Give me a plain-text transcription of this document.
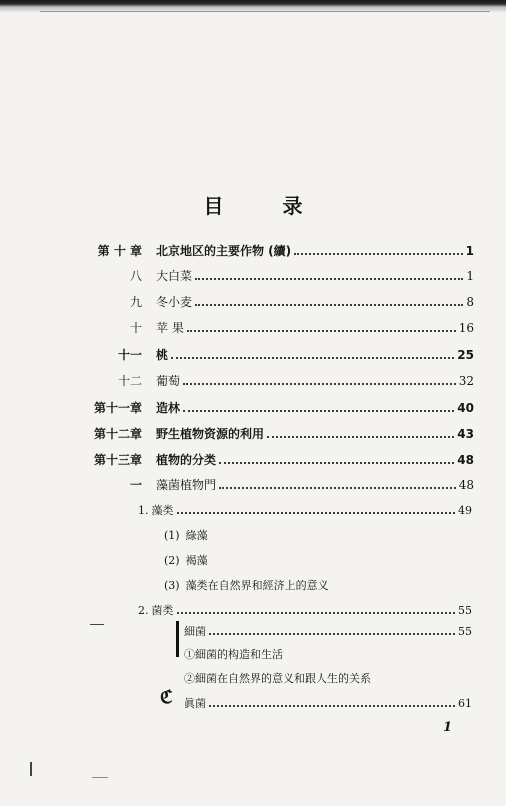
目 录
第 十 章	北京地区的主要作物 (續)	1
八	大白菜	1
九	冬小麦	8
十	苹 果	16
十一	桃	25
十二	葡萄	32
第十一章	造林	40
第十二章	野生植物资源的利用	43
第十三章	植物的分类	48
一	藻菌植物門	48
1. 藻类	49
(1) 綠藻
(2) 褐藻
(3) 藻类在自然界和經济上的意义
2. 菌类	55
細菌	55
①細菌的构造和生活
②細菌在自然界的意义和跟人生的关系
ℭ 眞菌	61
1
